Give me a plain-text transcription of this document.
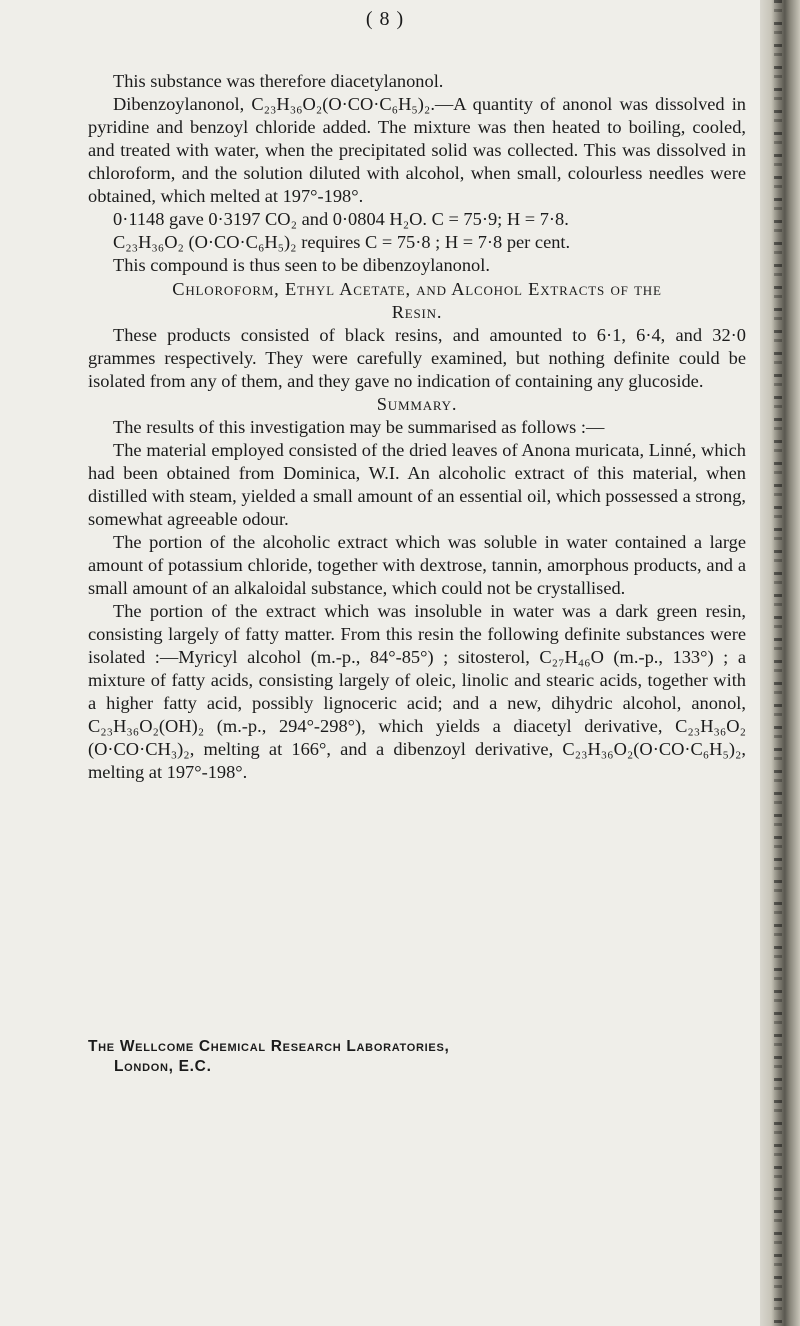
( 8 )

This substance was therefore diacetylanonol.

Dibenzoylanonol, C₂₃H₃₆O₂(O·CO·C₆H₅)₂.—A quantity of anonol was dissolved in pyridine and benzoyl chloride added. The mixture was then heated to boiling, cooled, and treated with water, when the precipitated solid was collected. This was dissolved in chloroform, and the solution diluted with alcohol, when small, colourless needles were obtained, which melted at 197°-198°.

0·1148 gave 0·3197 CO₂ and 0·0804 H₂O. C = 75·9; H = 7·8.

C₂₃H₃₆O₂ (O·CO·C₆H₅)₂ requires C = 75·8 ; H = 7·8 per cent.

This compound is thus seen to be dibenzoylanonol.

Chloroform, Ethyl Acetate, and Alcohol Extracts of the
Resin.

These products consisted of black resins, and amounted to 6·1, 6·4, and 32·0 grammes respectively. They were carefully examined, but nothing definite could be isolated from any of them, and they gave no indication of containing any glucoside.

Summary.

The results of this investigation may be summarised as follows :—

The material employed consisted of the dried leaves of Anona muricata, Linné, which had been obtained from Dominica, W.I. An alcoholic extract of this material, when distilled with steam, yielded a small amount of an essential oil, which possessed a strong, somewhat agreeable odour.

The portion of the alcoholic extract which was soluble in water contained a large amount of potassium chloride, together with dextrose, tannin, amorphous products, and a small amount of an alkaloidal substance, which could not be crystallised.

The portion of the extract which was insoluble in water was a dark green resin, consisting largely of fatty matter. From this resin the following definite substances were isolated :—Myricyl alcohol (m.-p., 84°-85°) ; sitosterol, C₂₇H₄₆O (m.-p., 133°) ; a mixture of fatty acids, consisting largely of oleic, linolic and stearic acids, together with a higher fatty acid, possibly lignoceric acid; and a new, dihydric alcohol, anonol, C₂₃H₃₆O₂(OH)₂ (m.-p., 294°-298°), which yields a diacetyl derivative, C₂₃H₃₆O₂ (O·CO·CH₃)₂, melting at 166°, and a dibenzoyl derivative, C₂₃H₃₆O₂(O·CO·C₆H₅)₂, melting at 197°-198°.

The Wellcome Chemical Research Laboratories,
London, E.C.
